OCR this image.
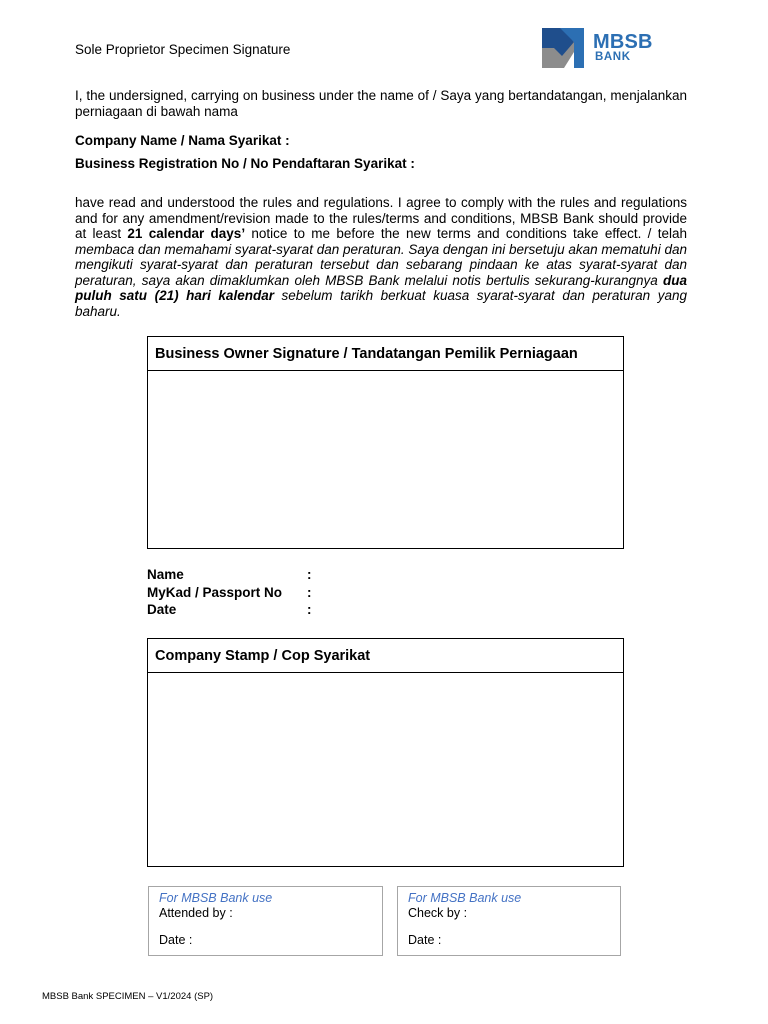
Sole Proprietor Specimen Signature	MBSB
BANK
I, the undersigned, carrying on business under the name of / Saya yang bertandatangan, menjalankan perniagaan di bawah nama
Company Name / Nama Syarikat :
Business Registration No / No Pendaftaran Syarikat :
have read and understood the rules and regulations. I agree to comply with the rules and regulations and for any amendment/revision made to the rules/terms and conditions, MBSB Bank should provide at least 21 calendar days’ notice to me before the new terms and conditions take effect. / telah membaca dan memahami syarat-syarat dan peraturan. Saya dengan ini bersetuju akan mematuhi dan mengikuti syarat-syarat dan peraturan tersebut dan sebarang pindaan ke atas syarat-syarat dan peraturan, saya akan dimaklumkan oleh MBSB Bank melalui notis bertulis sekurang-kurangnya dua puluh satu (21) hari kalendar sebelum tarikh berkuat kuasa syarat-syarat dan peraturan yang baharu.
Business Owner Signature / Tandatangan Pemilik Perniagaan
Name	:
MyKad / Passport No :
Date	:
Company Stamp / Cop Syarikat
For MBSB Bank use
Attended by :
Date :
For MBSB Bank use
Check by :
Date :
MBSB Bank SPECIMEN – V1/2024 (SP)
